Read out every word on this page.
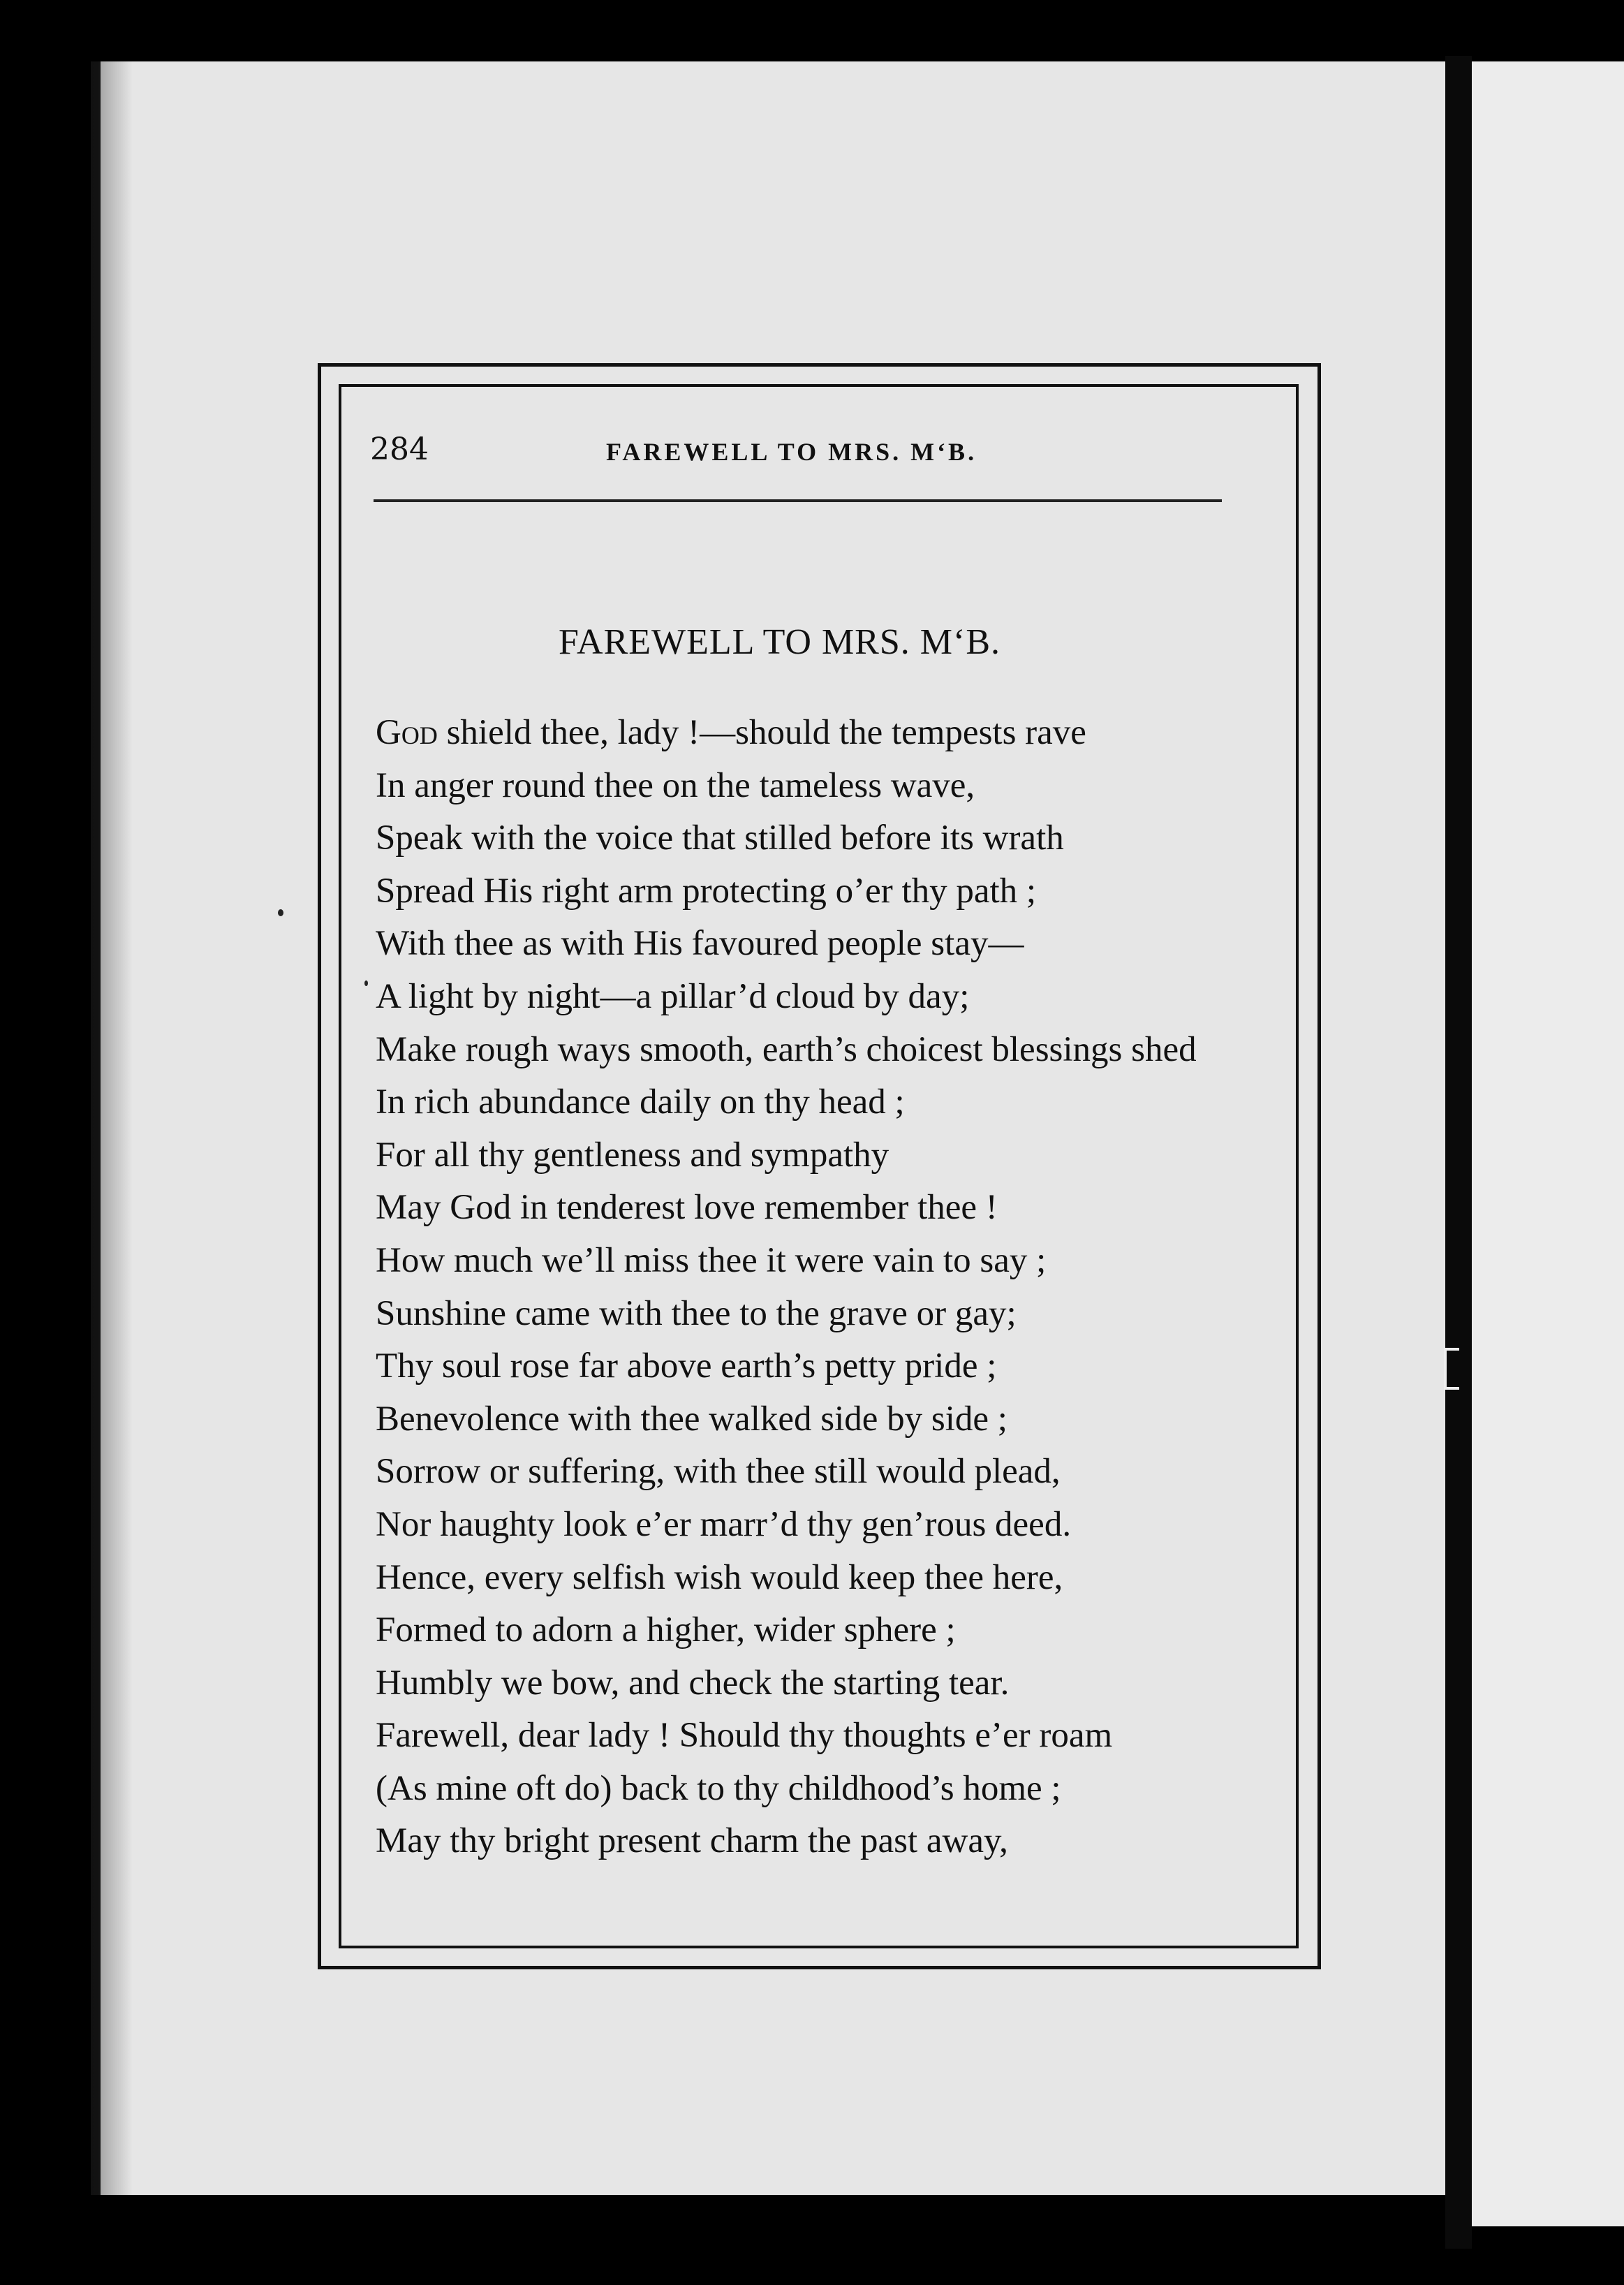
284	FAREWELL TO MRS. M‘B.
FAREWELL TO MRS. M‘B.
God shield thee, lady !—should the tempests rave
In anger round thee on the tameless wave,
Speak with the voice that stilled before its wrath
Spread His right arm protecting o’er thy path ;
With thee as with His favoured people stay—
A light by night—a pillar’d cloud by day;
Make rough ways smooth, earth’s choicest blessings shed
In rich abundance daily on thy head ;
For all thy gentleness and sympathy
May God in tenderest love remember thee !
How much we’ll miss thee it were vain to say ;
Sunshine came with thee to the grave or gay;
Thy soul rose far above earth’s petty pride ;
Benevolence with thee walked side by side ;
Sorrow or suffering, with thee still would plead,
Nor haughty look e’er marr’d thy gen’rous deed.
Hence, every selfish wish would keep thee here,
Formed to adorn a higher, wider sphere ;
Humbly we bow, and check the starting tear.
Farewell, dear lady ! Should thy thoughts e’er roam
(As mine oft do) back to thy childhood’s home ;
May thy bright present charm the past away,
